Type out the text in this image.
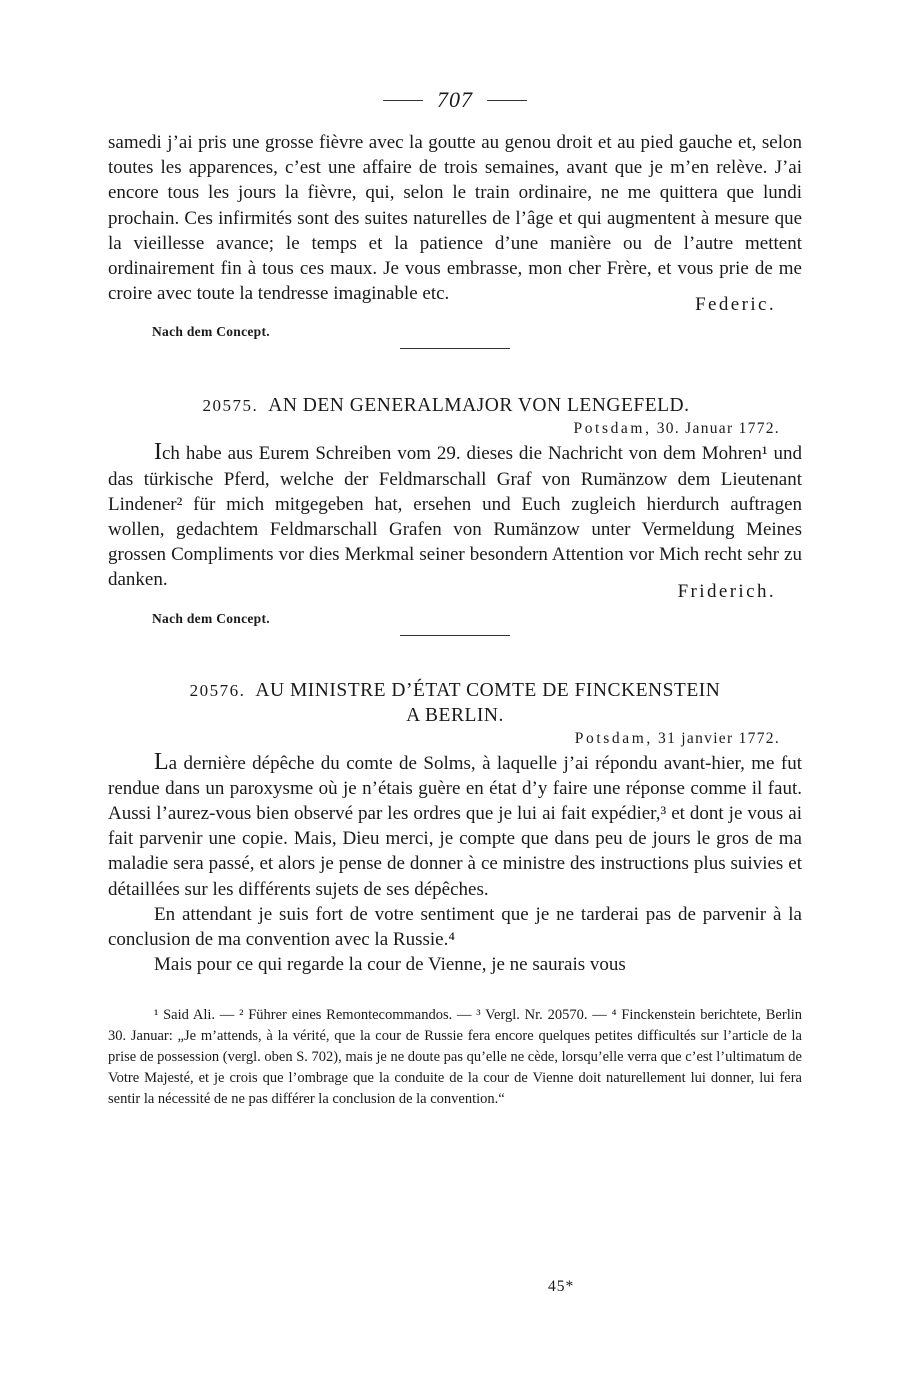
707

samedi j’ai pris une grosse fièvre avec la goutte au genou droit et au pied gauche et, selon toutes les apparences, c’est une affaire de trois semaines, avant que je m’en relève. J’ai encore tous les jours la fièvre, qui, selon le train ordinaire, ne me quittera que lundi prochain. Ces infirmités sont des suites naturelles de l’âge et qui augmentent à mesure que la vieillesse avance; le temps et la patience d’une manière ou de l’autre mettent ordinairement fin à tous ces maux. Je vous embrasse, mon cher Frère, et vous prie de me croire avec toute la tendresse imaginable etc.

Federic.

Nach dem Concept.

20575. AN DEN GENERALMAJOR VON LENGEFELD.
Potsdam, 30. Januar 1772.

Ich habe aus Eurem Schreiben vom 29. dieses die Nachricht von dem Mohren¹ und das türkische Pferd, welche der Feldmarschall Graf von Rumänzow dem Lieutenant Lindener² für mich mitgegeben hat, ersehen und Euch zugleich hierdurch auftragen wollen, gedachtem Feldmarschall Grafen von Rumänzow unter Vermeldung Meines grossen Compliments vor dies Merkmal seiner besondern Attention vor Mich recht sehr zu danken.

Friderich.

Nach dem Concept.

20576. AU MINISTRE D’ÉTAT COMTE DE FINCKENSTEIN
A BERLIN.
Potsdam, 31 janvier 1772.

La dernière dépêche du comte de Solms, à laquelle j’ai répondu avant-hier, me fut rendue dans un paroxysme où je n’étais guère en état d’y faire une réponse comme il faut. Aussi l’aurez-vous bien observé par les ordres que je lui ai fait expédier,³ et dont je vous ai fait parvenir une copie. Mais, Dieu merci, je compte que dans peu de jours le gros de ma maladie sera passé, et alors je pense de donner à ce ministre des instructions plus suivies et détaillées sur les différents sujets de ses dépêches.

En attendant je suis fort de votre sentiment que je ne tarderai pas de parvenir à la conclusion de ma convention avec la Russie.⁴

Mais pour ce qui regarde la cour de Vienne, je ne saurais vous

¹ Said Ali. — ² Führer eines Remontecommandos. — ³ Vergl. Nr. 20570. — ⁴ Finckenstein berichtete, Berlin 30. Januar: „Je m’attends, à la vérité, que la cour de Russie fera encore quelques petites difficultés sur l’article de la prise de possession (vergl. oben S. 702), mais je ne doute pas qu’elle ne cède, lorsqu’elle verra que c’est l’ultimatum de Votre Majesté, et je crois que l’ombrage que la conduite de la cour de Vienne doit naturellement lui donner, lui fera sentir la nécessité de ne pas différer la conclusion de la convention.“

45*
